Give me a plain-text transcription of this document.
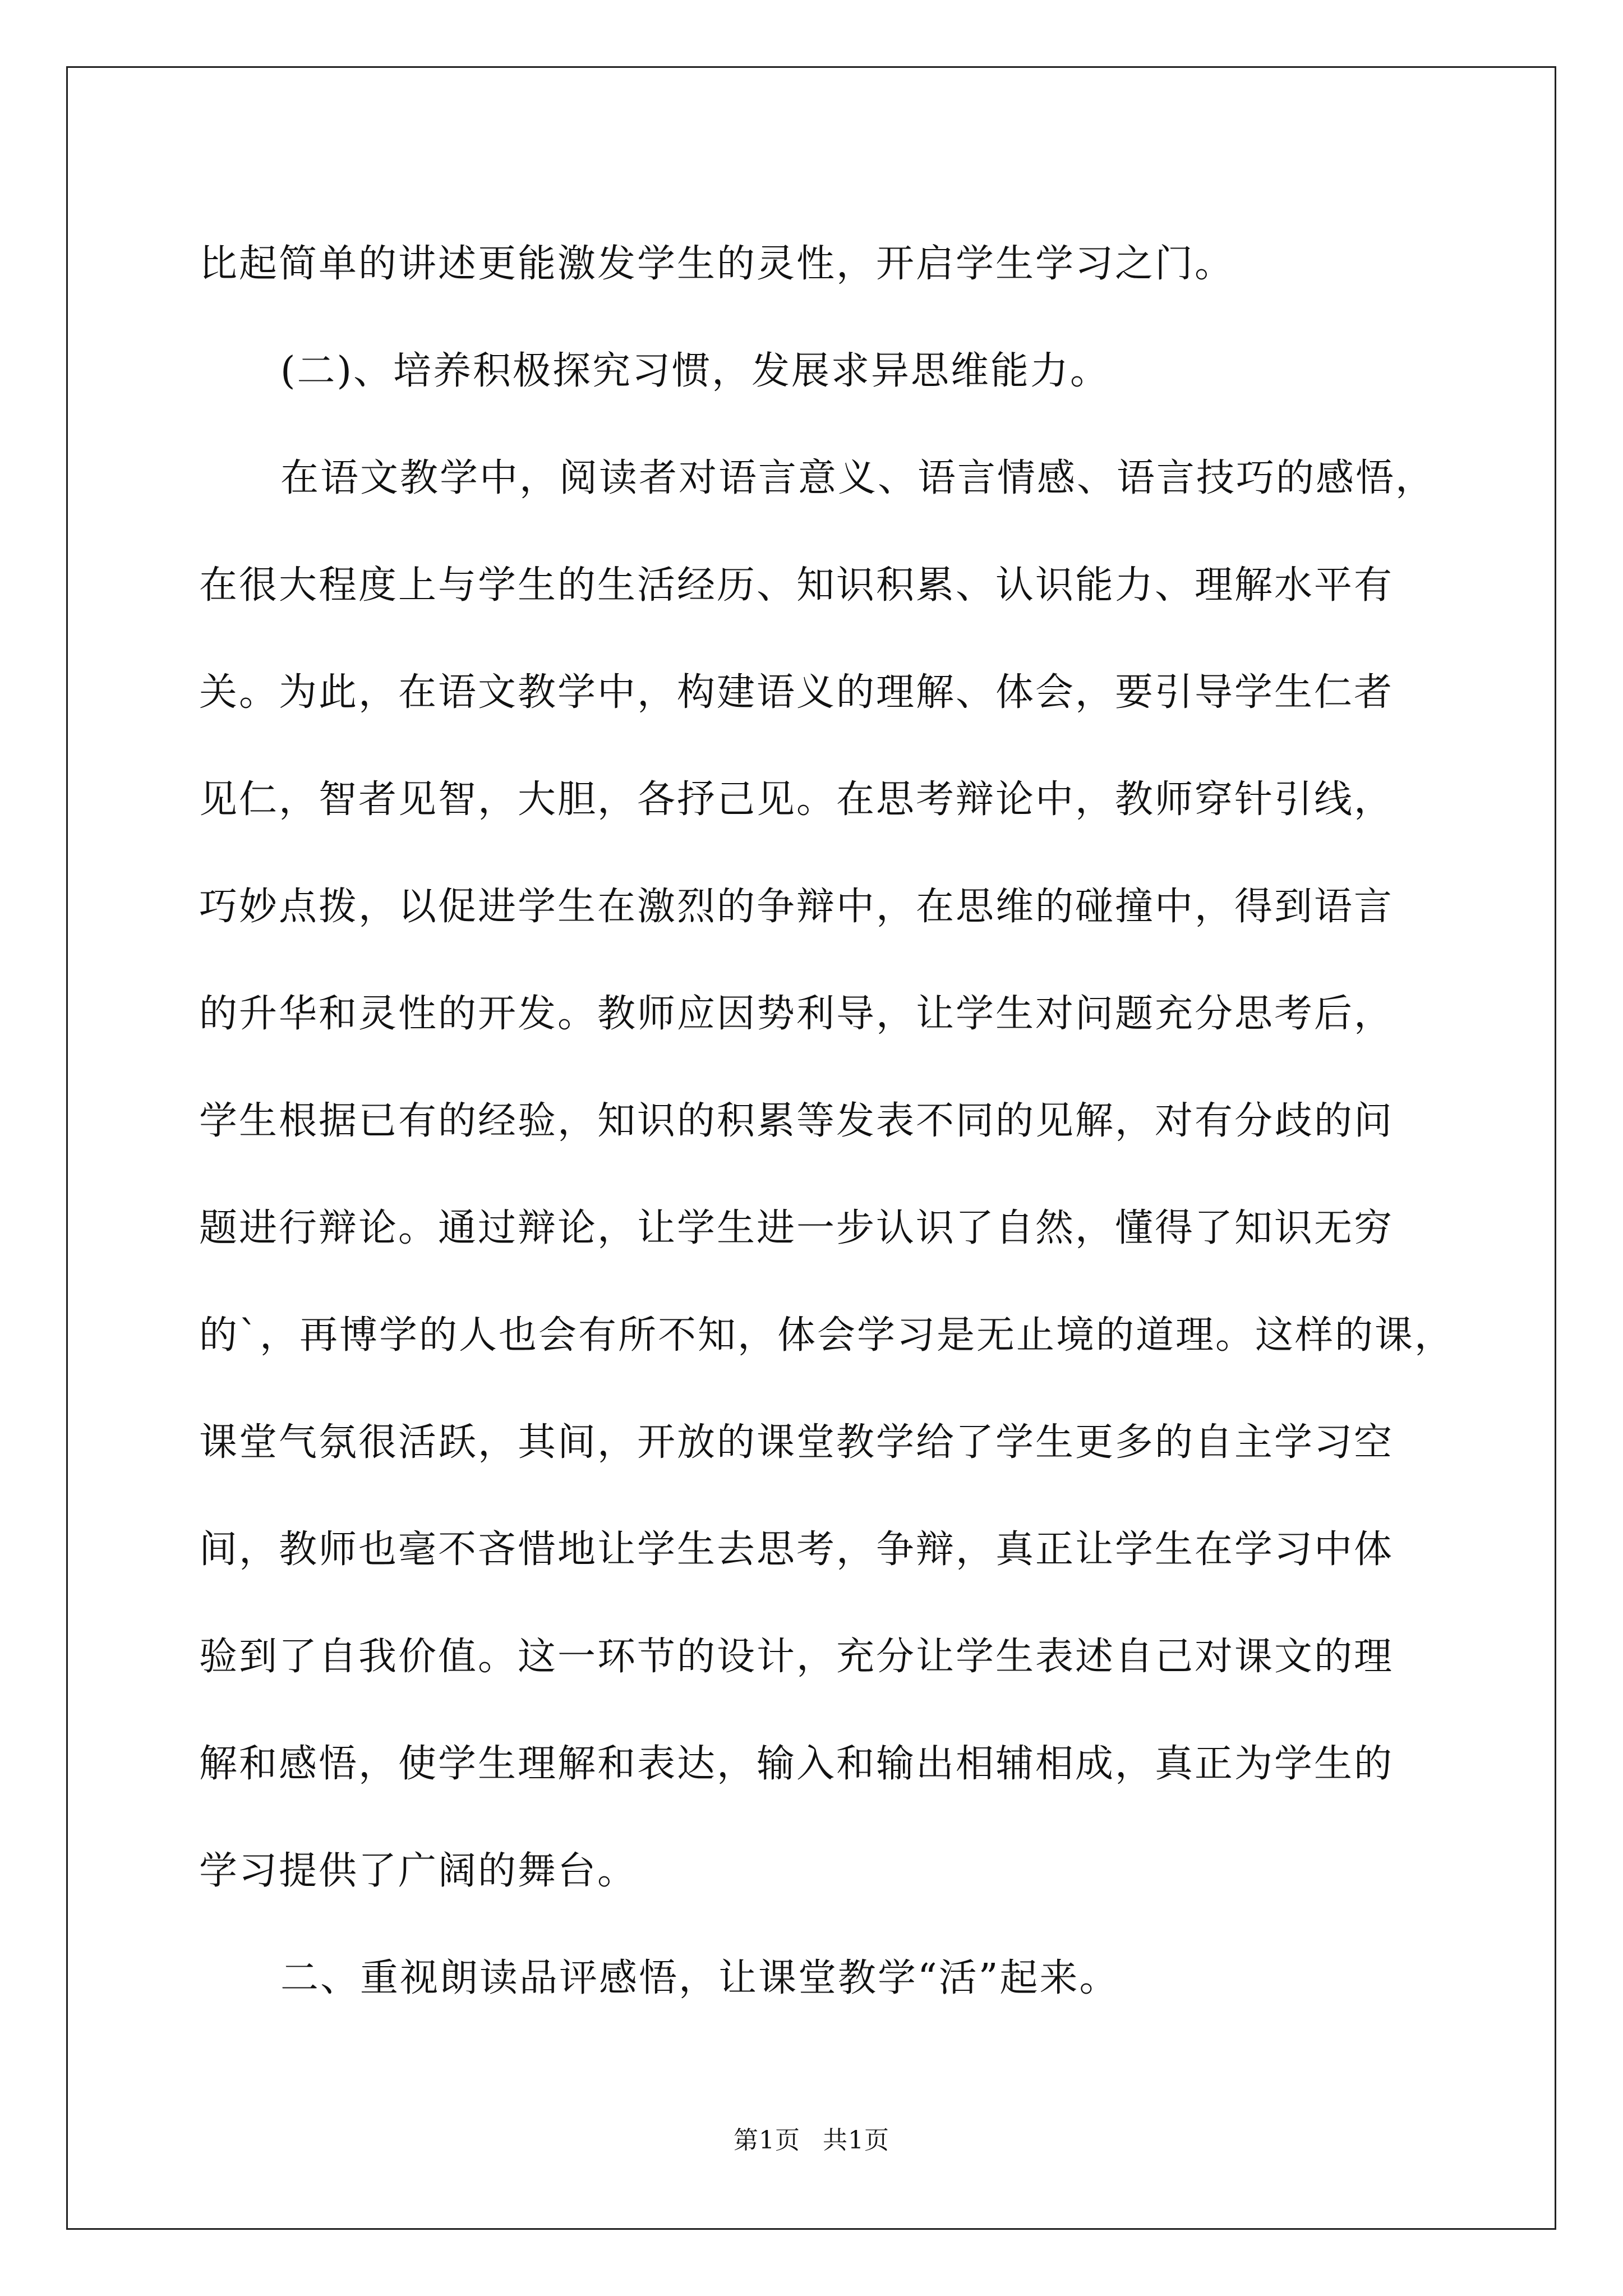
比起简单的讲述更能激发学生的灵性，开启学生学习之门。

(二)、培养积极探究习惯，发展求异思维能力。

在语文教学中，阅读者对语言意义、语言情感、语言技巧的感悟，

在很大程度上与学生的生活经历、知识积累、认识能力、理解水平有

关。为此，在语文教学中，构建语义的理解、体会，要引导学生仁者

见仁，智者见智，大胆，各抒己见。在思考辩论中，教师穿针引线，

巧妙点拨，以促进学生在激烈的争辩中，在思维的碰撞中，得到语言

的升华和灵性的开发。教师应因势利导，让学生对问题充分思考后，

学生根据已有的经验，知识的积累等发表不同的见解，对有分歧的问

题进行辩论。通过辩论，让学生进一步认识了自然，懂得了知识无穷

的`，再博学的人也会有所不知，体会学习是无止境的道理。这样的课，

课堂气氛很活跃，其间，开放的课堂教学给了学生更多的自主学习空

间，教师也毫不吝惜地让学生去思考，争辩，真正让学生在学习中体

验到了自我价值。这一环节的设计，充分让学生表述自己对课文的理

解和感悟，使学生理解和表达，输入和输出相辅相成，真正为学生的

学习提供了广阔的舞台。

二、重视朗读品评感悟，让课堂教学“活”起来。

第1页 共1页
